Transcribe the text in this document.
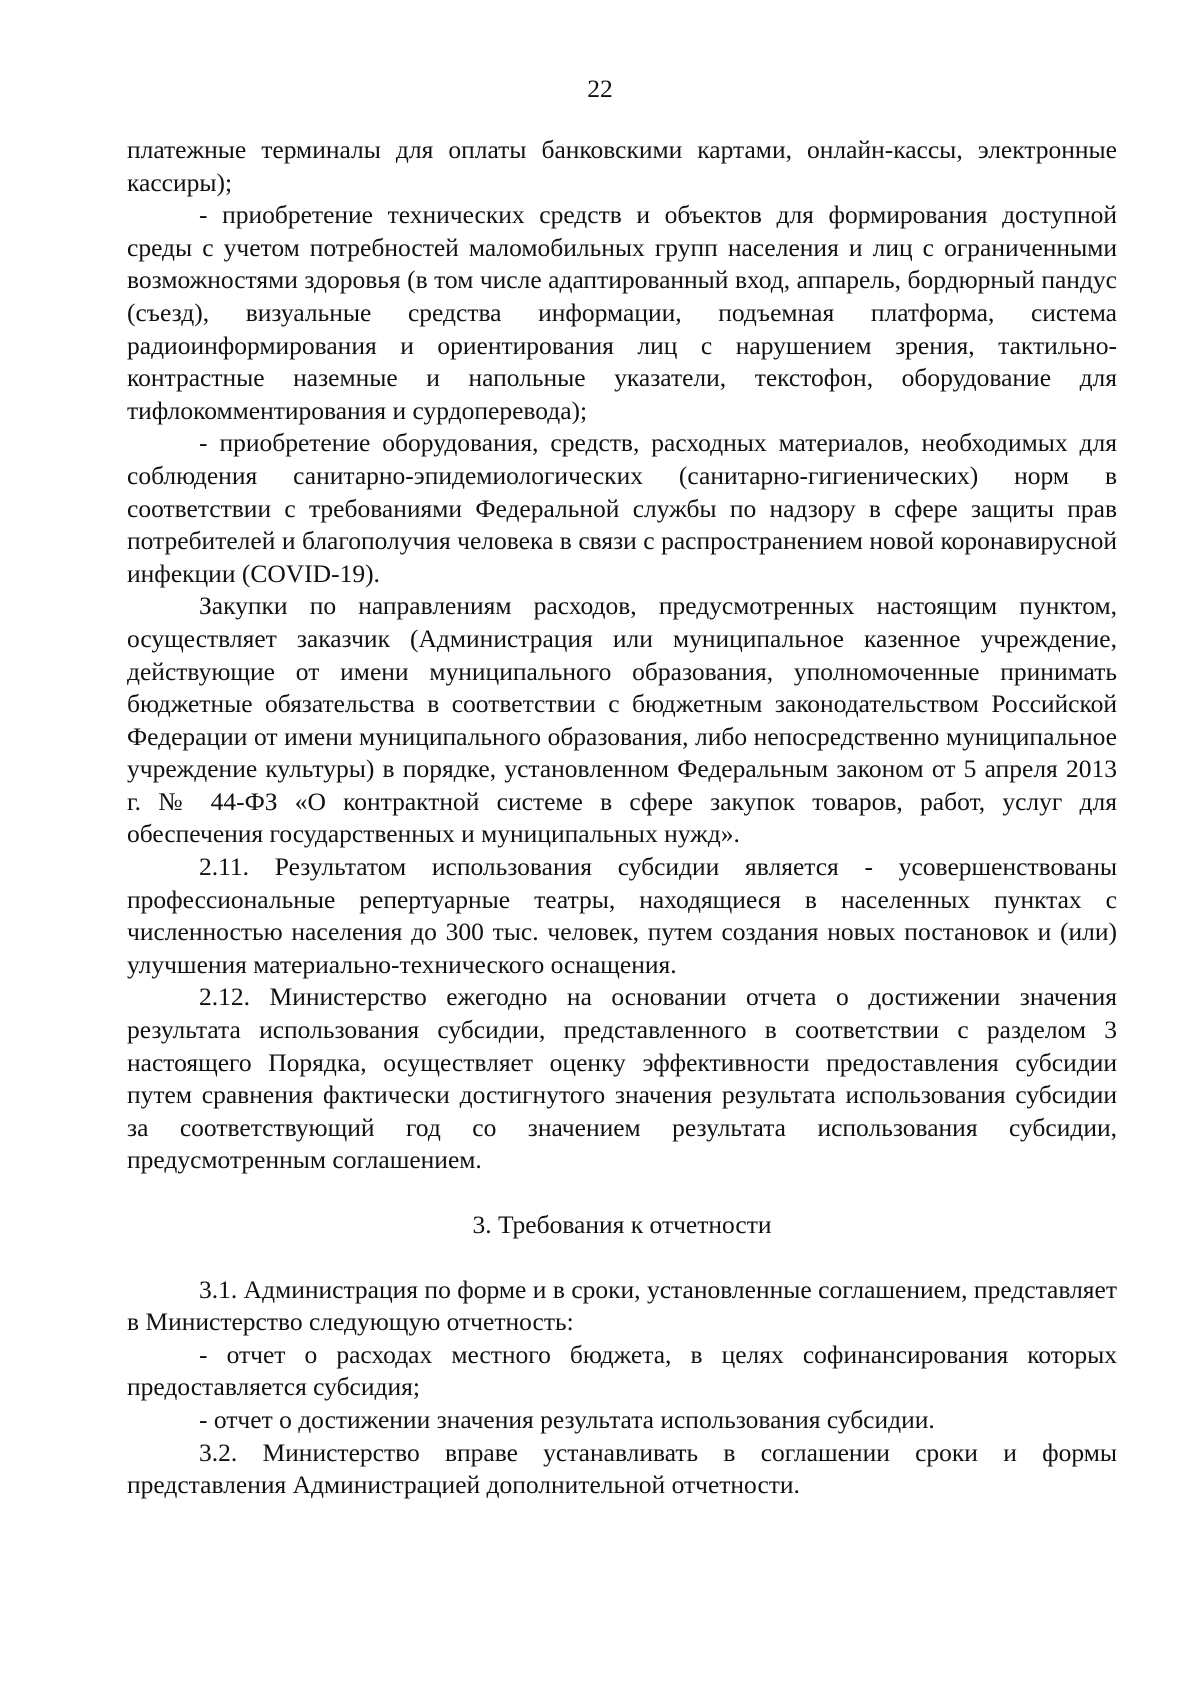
22

платежные терминалы для оплаты банковскими картами, онлайн-кассы, электронные кассиры);

- приобретение технических средств и объектов для формирования доступной среды с учетом потребностей маломобильных групп населения и лиц с ограниченными возможностями здоровья (в том числе адаптированный вход, аппарель, бордюрный пандус (съезд), визуальные средства информации, подъемная платформа, система радиоинформирования и ориентирования лиц с нарушением зрения, тактильно-контрастные наземные и напольные указатели, текстофон, оборудование для тифлокомментирования и сурдоперевода);

- приобретение оборудования, средств, расходных материалов, необходимых для соблюдения санитарно-эпидемиологических (санитарно-гигиенических) норм в соответствии с требованиями Федеральной службы по надзору в сфере защиты прав потребителей и благополучия человека в связи с распространением новой коронавирусной инфекции (COVID-19).

Закупки по направлениям расходов, предусмотренных настоящим пунктом, осуществляет заказчик (Администрация или муниципальное казенное учреждение, действующие от имени муниципального образования, уполномоченные принимать бюджетные обязательства в соответствии с бюджетным законодательством Российской Федерации от имени муниципального образования, либо непосредственно муниципальное учреждение культуры) в порядке, установленном Федеральным законом от 5 апреля 2013 г. № 44-ФЗ «О контрактной системе в сфере закупок товаров, работ, услуг для обеспечения государственных и муниципальных нужд».

2.11. Результатом использования субсидии является - усовершенствованы профессиональные репертуарные театры, находящиеся в населенных пунктах с численностью населения до 300 тыс. человек, путем создания новых постановок и (или) улучшения материально-технического оснащения.

2.12. Министерство ежегодно на основании отчета о достижении значения результата использования субсидии, представленного в соответствии с разделом 3 настоящего Порядка, осуществляет оценку эффективности предоставления субсидии путем сравнения фактически достигнутого значения результата использования субсидии за соответствующий год со значением результата использования субсидии, предусмотренным соглашением.

3. Требования к отчетности

3.1. Администрация по форме и в сроки, установленные соглашением, представляет в Министерство следующую отчетность:

- отчет о расходах местного бюджета, в целях софинансирования которых предоставляется субсидия;

- отчет о достижении значения результата использования субсидии.

3.2. Министерство вправе устанавливать в соглашении сроки и формы представления Администрацией дополнительной отчетности.
